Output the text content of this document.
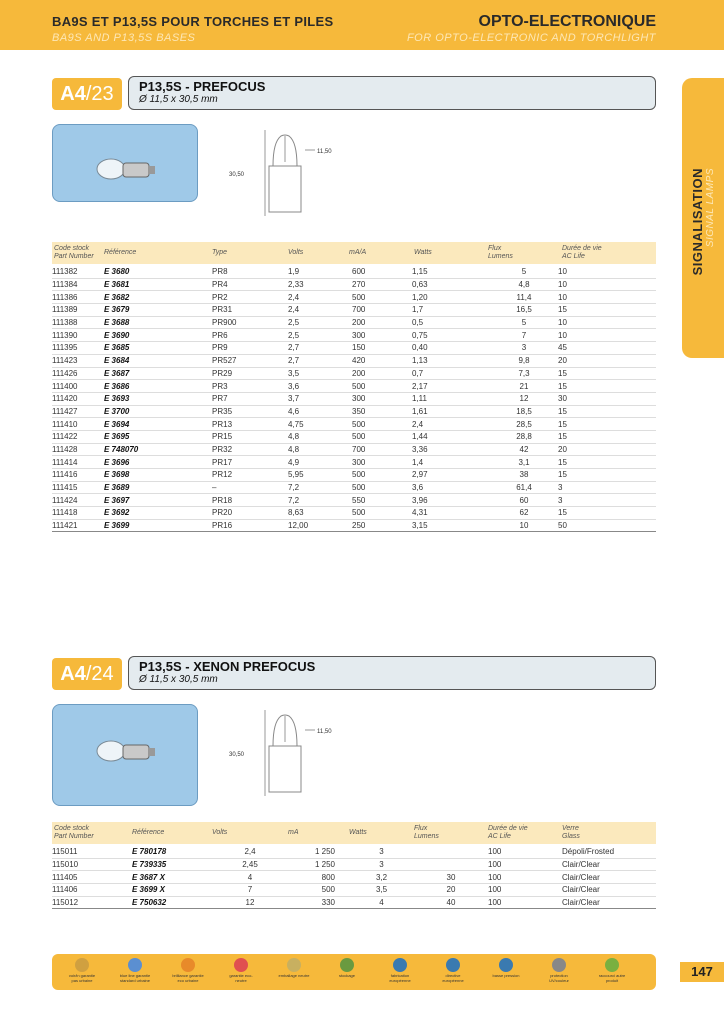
BA9S ET P13,5S POUR TORCHES ET PILES
BA9S AND P13,5S BASES
OPTO-ELECTRONIQUE
FOR OPTO-ELECTRONIC AND TORCHLIGHT
SIGNALISATION SIGNAL LAMPS
A4/23	P13,5S - PREFOCUS
Ø 11,5 x 30,5 mm
30,50
11,50
Code stock
Part Number
Référence	Type	Volts	mA/A	Watts
Flux
Lumens
Durée de vie
AC Life
111382	E 3680	PR8	1,9	600	1,15	5	10
111384	E 3681	PR4	2,33	270	0,63	4,8	10
111386	E 3682	PR2	2,4	500	1,20	11,4	10
111389	E 3679	PR31	2,4	700	1,7	16,5	15
111388	E 3688	PR900	2,5	200	0,5	5	10
111390	E 3690	PR6	2,5	300	0,75	7	10
111395	E 3685	PR9	2,7	150	0,40	3	45
111423	E 3684	PR527	2,7	420	1,13	9,8	20
111426	E 3687	PR29	3,5	200	0,7	7,3	15
111400	E 3686	PR3	3,6	500	2,17	21	15
111420	E 3693	PR7	3,7	300	1,11	12	30
111427	E 3700	PR35	4,6	350	1,61	18,5	15
111410	E 3694	PR13	4,75	500	2,4	28,5	15
111422	E 3695	PR15	4,8	500	1,44	28,8	15
111428	E 748070	PR32	4,8	700	3,36	42	20
111414	E 3696	PR17	4,9	300	1,4	3,1	15
111416	E 3698	PR12	5,95	500	2,97	38	15
111415	E 3689	–	7,2	500	3,6	61,4	3
111424	E 3697	PR18	7,2	550	3,96	60	3
111418	E 3692	PR20	8,63	500	4,31	62	15
111421	E 3699	PR16	12,00	250	3,15	10	50
A4/24	P13,5S - XENON PREFOCUS
Ø 11,5 x 30,5 mm
30,50
11,50
Code stock
Part Number
Référence	Volts	mA	Watts
Flux
Lumens
Durée de vie
AC Life
Verre
Glass
115011	E 780178	2,4	1 250	3		100	Dépoli/Frosted
115010	E 739335	2,45	1 250	3		100	Clair/Clear
111405	E 3687 X	4	800	3,2	30	100	Clair/Clear
111406	E 3699 X	7	500	3,5	20	100	Clair/Clear
115012	E 750632	12	330	4	40	100	Clair/Clear
voir/in garantie pas urbaine
blue line garantie standard urbaine
brilliance garantie eco urbaine
garantie eco-neutre
emballage neutre	stockage	fabrication européenne
directive européenne
basse pression	protection UV/couleur
raccourci autre produit
147
